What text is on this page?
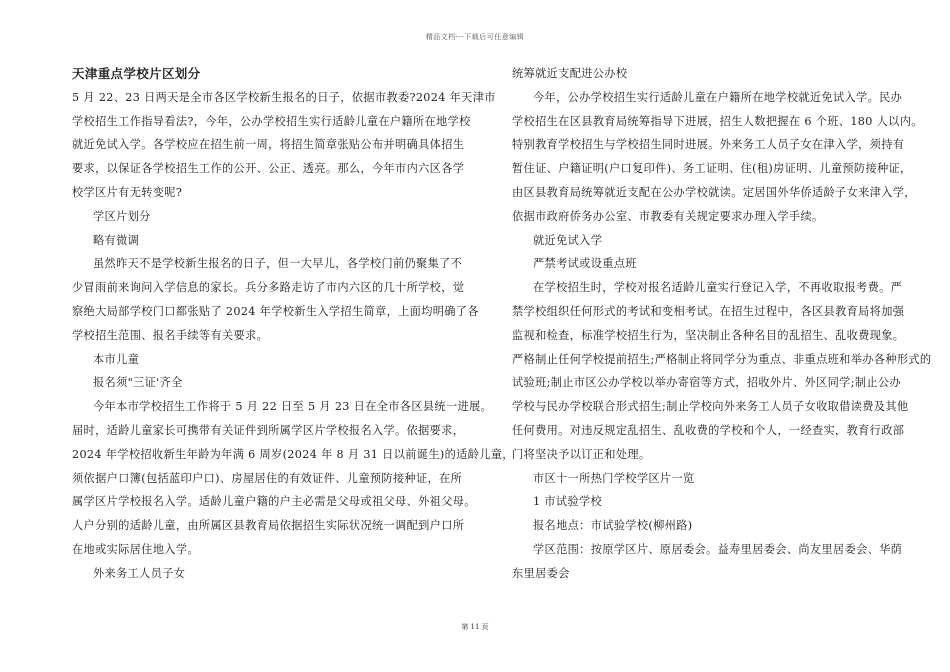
精品文档---下载后可任意编辑
天津重点学校片区划分
5 月 22、23 日两天是全市各区学校新生报名的日子，依据市教委?2024 年天津市
学校招生工作指导看法?，今年，公办学校招生实行适龄儿童在户籍所在地学校
就近免试入学。各学校应在招生前一周，将招生简章张贴公布并明确具体招生
要求，以保证各学校招生工作的公开、公正、透亮。那么，今年市内六区各学
校学区片有无转变呢?
学区片划分
略有微调
虽然昨天不是学校新生报名的日子，但一大早儿，各学校门前仍聚集了不
少冒雨前来询问入学信息的家长。兵分多路走访了市内六区的几十所学校，觉
察绝大局部学校门口都张贴了 2024 年学校新生入学招生简章，上面均明确了各
学校招生范围、报名手续等有关要求。
本市儿童
报名须"三证'齐全
今年本市学校招生工作将于 5 月 22 日至 5 月 23 日在全市各区县统一进展。
届时，适龄儿童家长可携带有关证件到所属学区片学校报名入学。依据要求，
2024 年学校招收新生年龄为年满 6 周岁(2024 年 8 月 31 日以前诞生)的适龄儿童，
须依据户口簿(包括蓝印户口)、房屋居住的有效证件、儿童预防接种证，在所
属学区片学校报名入学。适龄儿童户籍的户主必需是父母或祖父母、外祖父母。
人户分别的适龄儿童，由所属区县教育局依据招生实际状况统一调配到户口所
在地或实际居住地入学。
外来务工人员子女
统筹就近支配进公办校
今年，公办学校招生实行适龄儿童在户籍所在地学校就近免试入学。民办
学校招生在区县教育局统筹指导下进展，招生人数把握在 6 个班、180 人以内。
特别教育学校招生与学校招生同时进展。外来务工人员子女在津入学，须持有
暂住证、户籍证明(户口复印件)、务工证明、住(租)房证明、儿童预防接种证，
由区县教育局统筹就近支配在公办学校就读。定居国外华侨适龄子女来津入学，
依据市政府侨务办公室、市教委有关规定要求办理入学手续。
就近免试入学
严禁考试或设重点班
在学校招生时，学校对报名适龄儿童实行登记入学，不再收取报考费。严
禁学校组织任何形式的考试和变相考试。在招生过程中，各区县教育局将加强
监视和检查，标准学校招生行为，坚决制止各种名目的乱招生、乱收费现象。
严格制止任何学校提前招生;严格制止将同学分为重点、非重点班和举办各种形式的
试验班;制止市区公办学校以举办寄宿等方式，招收外片、外区同学;制止公办
学校与民办学校联合形式招生;制止学校向外来务工人员子女收取借读费及其他
任何费用。对违反规定乱招生、乱收费的学校和个人，一经查实，教育行政部
门将坚决予以订正和处理。
市区十一所热门学校学区片一览
1 市试验学校
报名地点：市试验学校(柳州路)
学区范围：按原学区片、原居委会。益寿里居委会、尚友里居委会、华荫
东里居委会
第 11 页
